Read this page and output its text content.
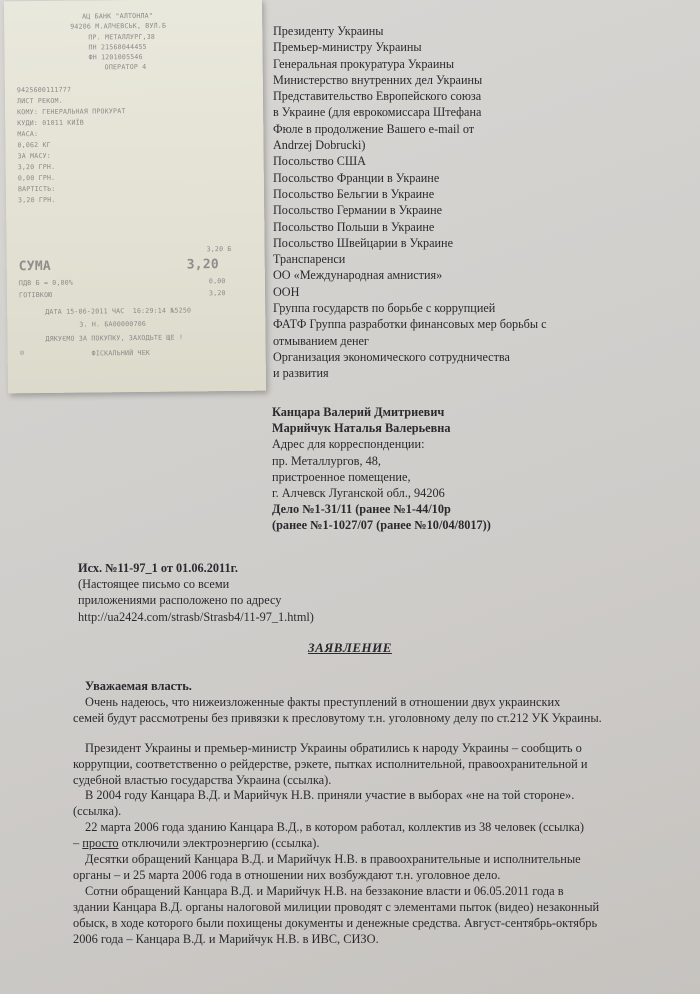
АЦ БАНК "АЛТОНЛА"
94206 М.АЛЧЕВСЬК, ВУЛ.Б
ПР. МЕТАЛЛУРГ,38
ПН 21560044455
ФН 1201005546
ОПЕРАТОР 4
9425600111777
ЛИСТ РЕКОМ.
КОМУ: ГЕНЕРАЛЬНАЯ ПРОКУРАТ
КУДИ: 01011 КИЇВ
МАСА:
0,062 КГ
ЗА МАСУ:
3,20 ГРН.
0,00 ГРН.
ВАРТІСТЬ:
3,20 ГРН.
3,20 Б
СУМА	3,20
ПДВ Б = 0,00%	0,00
ГОТІВКОЮ	3,20
ДАТА 15-06-2011 ЧАС  16:29:14 №5250
З. Н. БА00000706
ДЯКУЄМО ЗА ПОКУПКУ, ЗАХОДЬТЕ ЩЕ !
⊘	ФІСКАЛЬНИЙ ЧЕК
Президенту Украины
Премьер-министру Украины
Генеральная прокуратура Украины
Министерство внутренних дел Украины
Представительство Европейского союза
в Украине (для еврокомиссара Штефана
Фюле в продолжение Вашего e-mail от
Andrzej Dobrucki)
Посольство США
Посольство Франции в Украине
Посольство Бельгии в Украине
Посольство Германии в Украине
Посольство Польши в Украине
Посольство Швейцарии в Украине
Транспаренси
ОО «Международная амнистия»
ООН
Группа государств по борьбе с коррупцией
ФАТФ Группа разработки финансовых мер борьбы с
отмыванием денег
Организация экономического сотрудничества
и развития
Канцара Валерий Дмитриевич
Марийчук Наталья Валерьевна
Адрес для корреспонденции:
пр. Металлургов, 48,
пристроенное помещение,
г. Алчевск Луганской обл., 94206
Дело №1-31/11 (ранее №1-44/10р
(ранее №1-1027/07 (ранее №10/04/8017))
Исх. №11-97_1 от 01.06.2011г.
(Настоящее письмо со всеми
приложениями расположено по адресу
http://ua2424.com/strasb/Strasb4/11-97_1.html)
ЗАЯВЛЕНИЕ
Уважаемая власть.
Очень надеюсь, что нижеизложенные факты преступлений в отношении двух украинских
семей будут рассмотрены без привязки к пресловутому т.н. уголовному делу по ст.212 УК Украины.
Президент Украины и премьер-министр Украины обратились к народу Украины – сообщить о
коррупции, соответственно о рейдерстве, рэкете, пытках исполнительной, правоохранительной и
судебной властью государства Украина (ссылка).
В 2004 году Канцара В.Д. и Марийчук Н.В. приняли участие в выборах «не на той стороне».
(ссылка).
22 марта 2006 года зданию Канцара В.Д., в котором работал, коллектив из 38 человек (ссылка)
– просто отключили электроэнергию (ссылка).
Десятки обращений Канцара В.Д. и Марийчук Н.В. в правоохранительные и исполнительные
органы – и 25 марта 2006 года в отношении них возбуждают т.н. уголовное дело.
Сотни обращений Канцара В.Д. и Марийчук Н.В. на беззаконие власти и 06.05.2011 года в
здании Канцара В.Д. органы налоговой милиции проводят с элементами пыток (видео) незаконный
обыск, в ходе которого были похищены документы и денежные средства. Август-сентябрь-октябрь
2006 года – Канцара В.Д. и Марийчук Н.В. в ИВС, СИЗО.
